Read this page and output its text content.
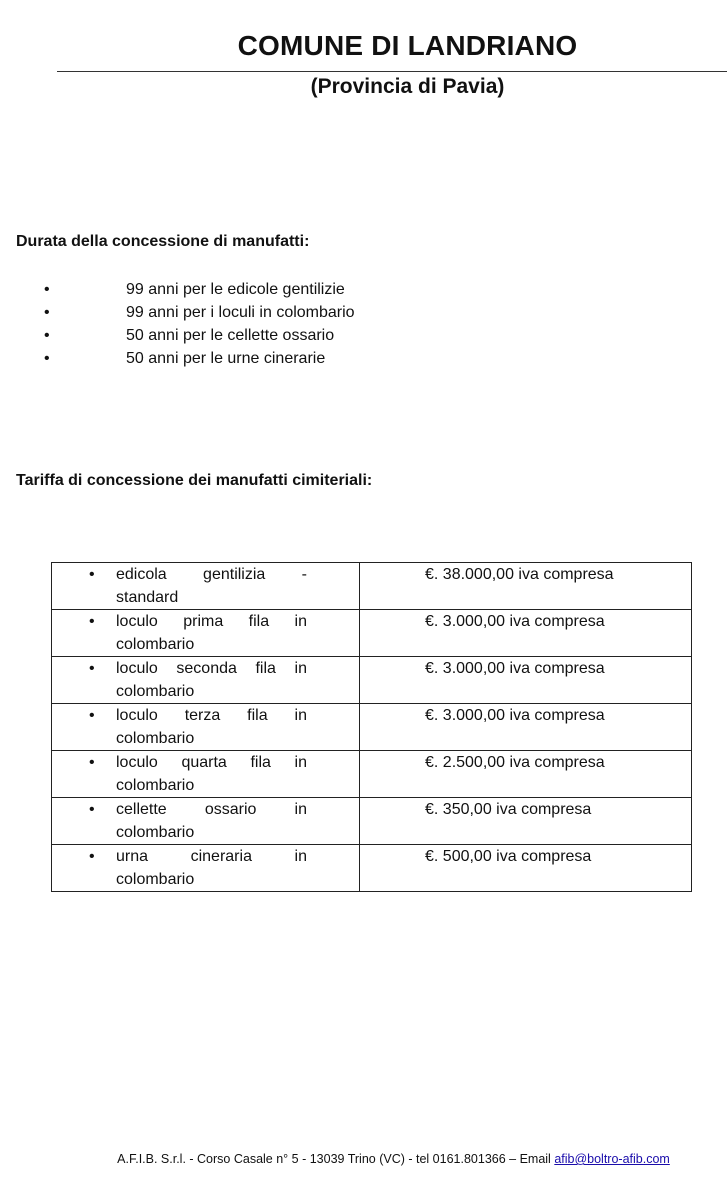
COMUNE DI LANDRIANO
(Provincia di Pavia)
Durata della concessione di manufatti:
•	99 anni per le edicole gentilizie
•	99 anni per i loculi in colombario
•	50 anni per le cellette ossario
•	50 anni per le urne cinerarie
Tariffa di concessione dei manufatti cimiteriali:
• edicola gentilizia - standard	€. 38.000,00 iva compresa

• loculo prima fila in colombario	€. 3.000,00 iva compresa

• loculo seconda fila in colombario	€. 3.000,00 iva compresa

• loculo terza fila in colombario	€. 3.000,00 iva compresa

• loculo quarta fila in colombario	€. 2.500,00 iva compresa

• cellette ossario in colombario	€. 350,00 iva compresa

• urna cineraria in colombario	€. 500,00 iva compresa
A.F.I.B. S.r.l. - Corso Casale n° 5 - 13039 Trino (VC) - tel 0161.801366 – Email afib@boltro-afib.com
